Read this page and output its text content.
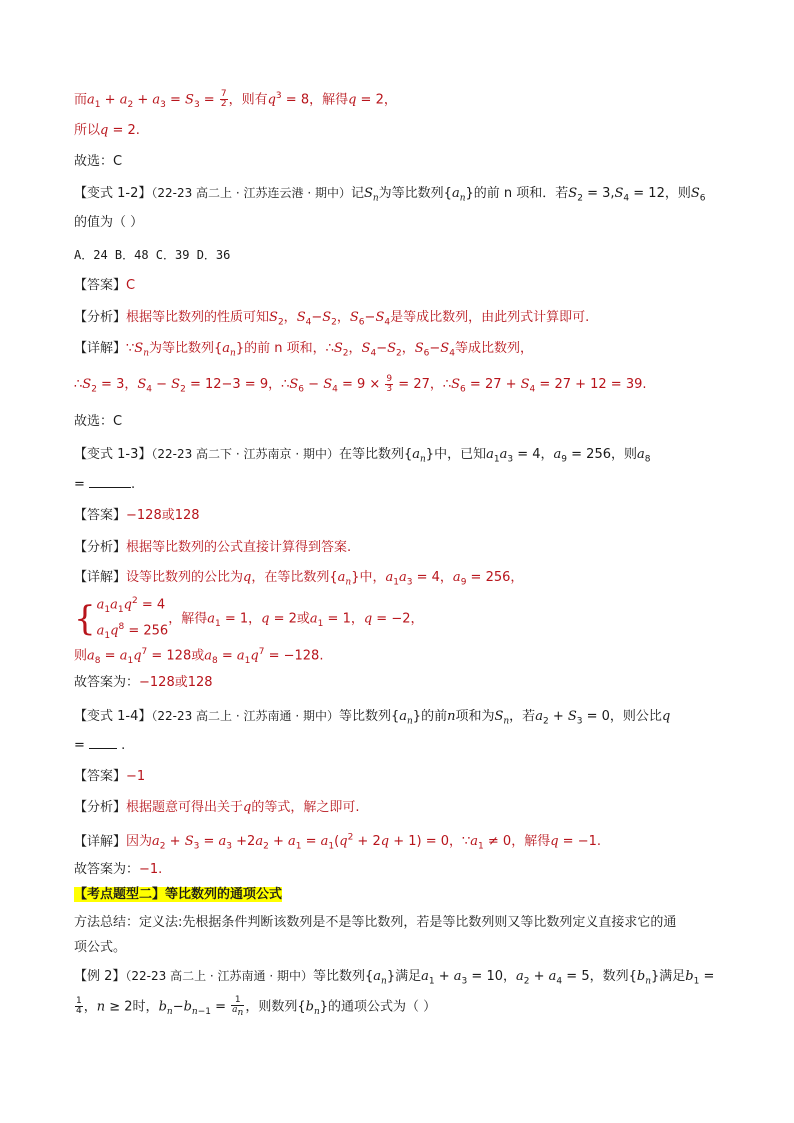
而$a_1 + a_2 + a_3 = S_3 = \frac{7}{2}$ ，则有$q^3 = 8$，解得q = 2，
所以q = 2.
故选：C
【变式 1-2】（22-23 高二上 · 江苏连云港 · 期中）记$S_n$为等比数列$\{a_n\}$的前 n 项和．若$S_2 = 3,S_4 = 12$，则$S_6$
的值为（ ）
A．24 B．48 C．39 D．36
【答案】C
【分析】根据等比数列的性质可知$S_2$，$S_4-S_2$，$S_6-S_4$是等成比数列，由此列式计算即可.
【详解】$\because S_n$为等比数列$\{a_n\}$的前 n 项和，$\therefore S_2$，$S_4-S_2$，$S_6-S_4$等成比数列，
$\therefore S_2 = 3$，$S_4 - S_2 = 12-3 = 9$，$\therefore S_6 - S_4 = 9 \times \frac{9}{3} = 27$，$\therefore S_6 = 27 + S_4 = 27 + 12 = 39$.
故选：C
【变式 1-3】（22-23 高二下 · 江苏南京 · 期中）在等比数列$\{a_n\}$中，已知$a_1a_3 = 4$，$a_9 = 256$，则$a_8$
=	.
【答案】−128或128
【分析】根据等比数列的公式直接计算得到答案.
【详解】设等比数列的公比为q，在等比数列$\{a_n\}$中，$a_1a_3 = 4$，$a_9 = 256$，
{ $a_1a_1q^2 = 4$
$a_1q^8 = 256$
，解得$a_1 = 1$，q = 2或$a_1 = 1$，q = −2，
则$a_8 = a_1q^7 = 128$或$a_8 = a_1q^7 = -128$.
故答案为：−128或128
【变式 1-4】（22-23 高二上 · 江苏南通 · 期中）等比数列$\{a_n\}$的前n项和为$S_n$，若$a_2 + S_3 = 0$，则公比q
=  .
【答案】−1
【分析】根据题意可得出关于q的等式，解之即可.
【详解】因为$a_2 + S_3 = a_3 +2a_2 + a_1 = a_1(q^2 + 2q + 1) = 0$，$\because a_1 \ne 0$，解得q = −1.
故答案为：−1.
【考点题型二】等比数列的通项公式
方法总结：定义法:先根据条件判断该数列是不是等比数列，若是等比数列则又等比数列定义直接求它的通
项公式。
【例 2】（22-23 高二上 · 江苏南通 · 期中）等比数列$\{a_n\}$满足$a_1 + a_3 = 10$，$a_2 + a_4 = 5$，数列$\{b_n\}$满足$b_1$ =
$\frac{1}{4}$ ，n ≥ 2时，$b_n-b_{n-1} = \frac{1}{a_n}$ ，则数列$\{b_n\}$的通项公式为（ ）
